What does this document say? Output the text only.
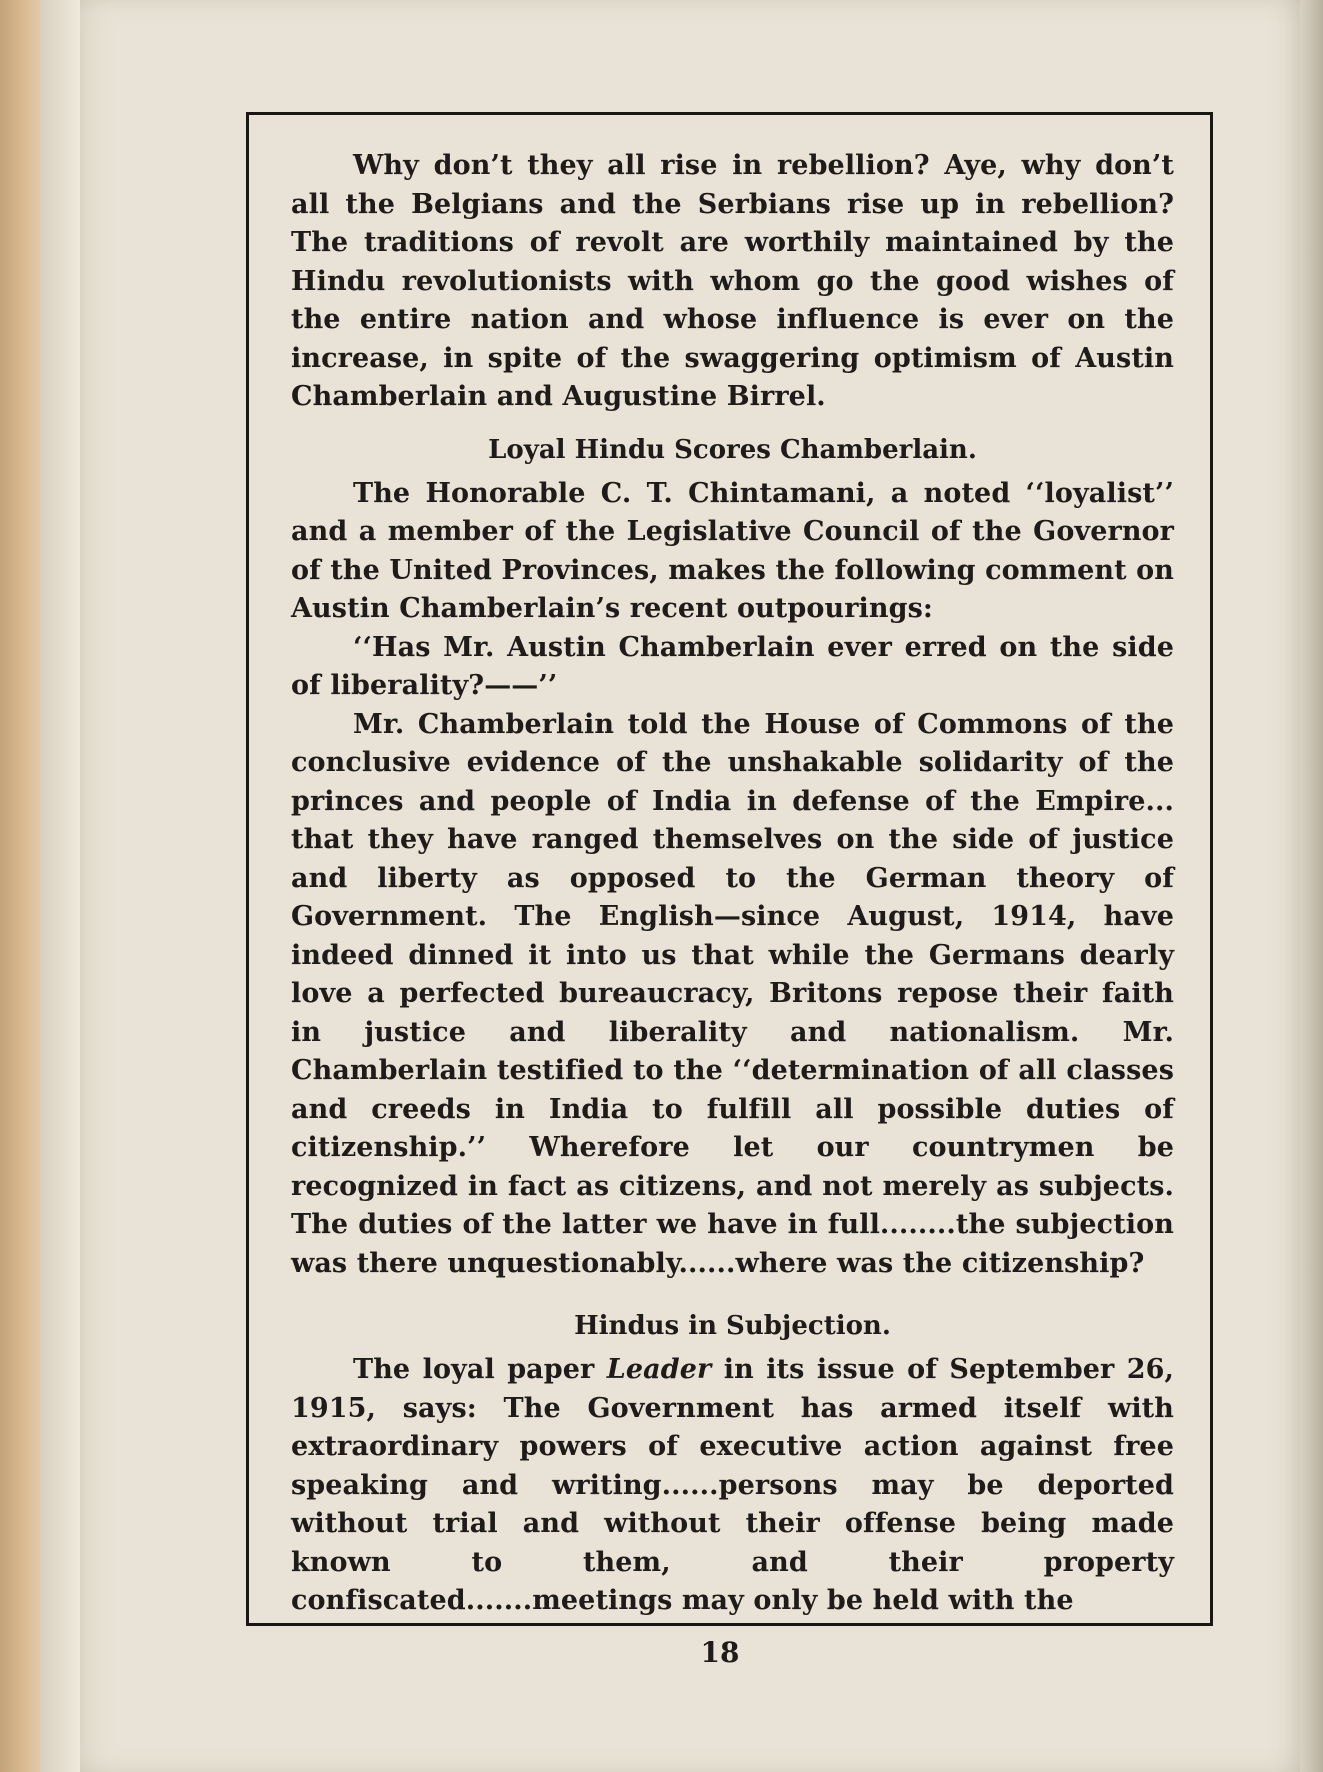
Why don’t they all rise in rebellion? Aye, why don’t all the Belgians and the Serbians rise up in rebellion? The traditions of revolt are worthily maintained by the Hindu revolutionists with whom go the good wishes of the entire nation and whose influence is ever on the increase, in spite of the swaggering optimism of Austin Chamberlain and Augustine Birrel.

Loyal Hindu Scores Chamberlain.

The Honorable C. T. Chintamani, a noted ‘‘loyalist’’ and a member of the Legislative Council of the Governor of the United Provinces, makes the following comment on Austin Chamberlain’s recent outpourings:

‘‘Has Mr. Austin Chamberlain ever erred on the side of liberality?——’’

Mr. Chamberlain told the House of Commons of the conclusive evidence of the unshakable solidarity of the princes and people of India in defense of the Empire... that they have ranged themselves on the side of justice and liberty as opposed to the German theory of Government. The English—since August, 1914, have indeed dinned it into us that while the Germans dearly love a perfected bureaucracy, Britons repose their faith in justice and liberality and nationalism. Mr. Chamberlain testified to the ‘‘determination of all classes and creeds in India to fulfill all possible duties of citizenship.’’ Wherefore let our countrymen be recognized in fact as citizens, and not merely as subjects. The duties of the latter we have in full........the subjection was there unquestionably......where was the citizenship?

Hindus in Subjection.

The loyal paper Leader in its issue of September 26, 1915, says: The Government has armed itself with extraordinary powers of executive action against free speaking and writing......persons may be deported without trial and without their offense being made known to them, and their property confiscated.......meetings may only be held with the

18
